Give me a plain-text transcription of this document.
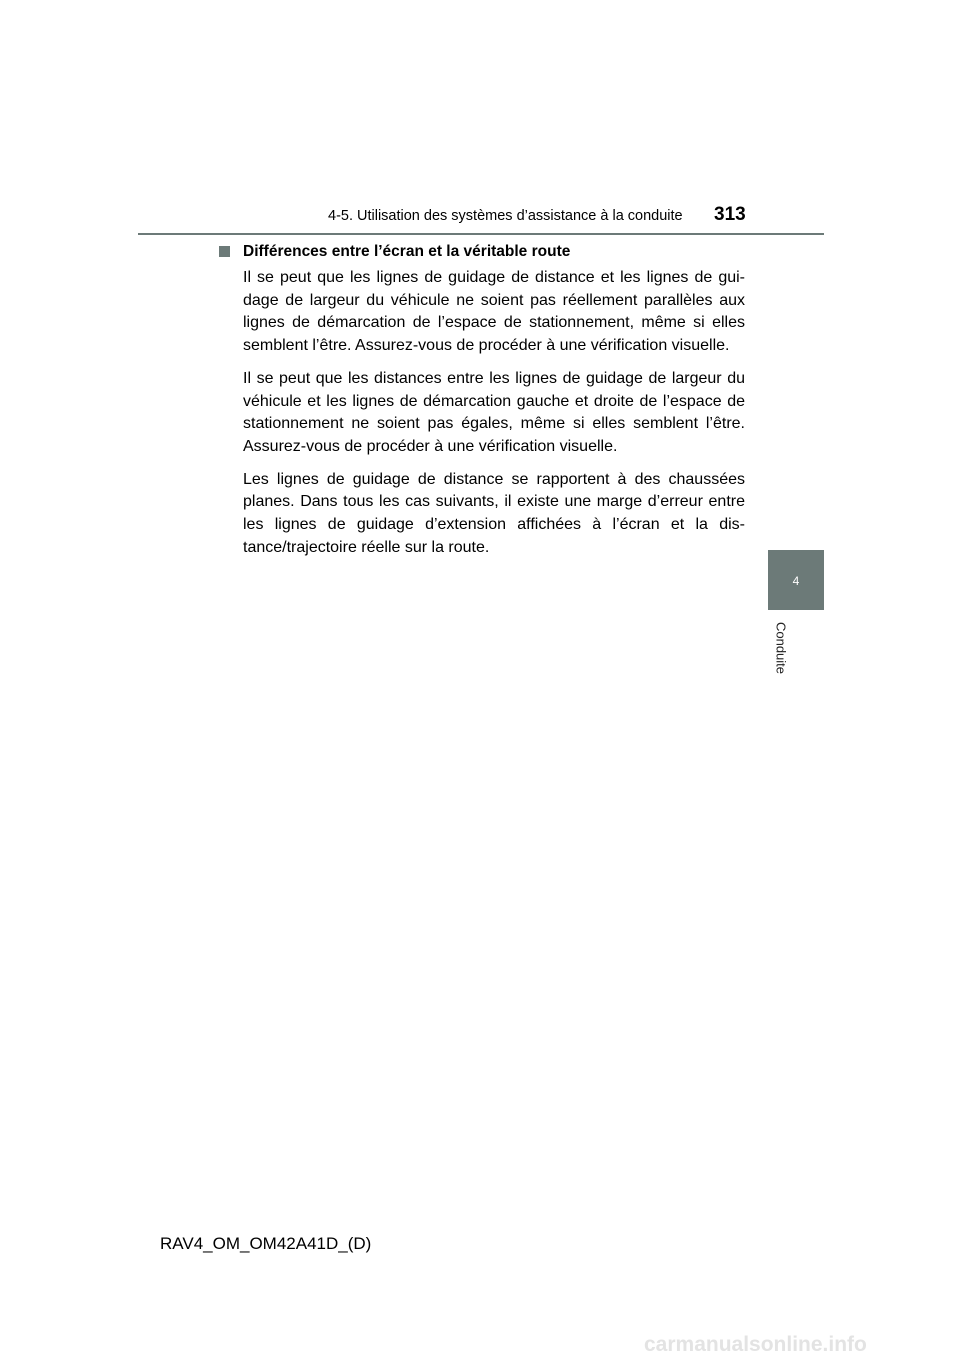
4-5. Utilisation des systèmes d’assistance à la conduite 313
4
Conduite
Différences entre l’écran et la véritable route

Il se peut que les lignes de guidage de distance et les lignes de gui-dage de largeur du véhicule ne soient pas réellement parallèles aux lignes de démarcation de l’espace de stationnement, même si elles semblent l’être. Assurez-vous de procéder à une vérification visuelle.

Il se peut que les distances entre les lignes de guidage de largeur du véhicule et les lignes de démarcation gauche et droite de l’espace de stationnement ne soient pas égales, même si elles semblent l’être. Assurez-vous de procéder à une vérification visuelle.

Les lignes de guidage de distance se rapportent à des chaussées planes. Dans tous les cas suivants, il existe une marge d’erreur entre les lignes de guidage d’extension affichées à l’écran et la dis-tance/trajectoire réelle sur la route.

RAV4_OM_OM42A41D_(D)
carmanualsonline.info
